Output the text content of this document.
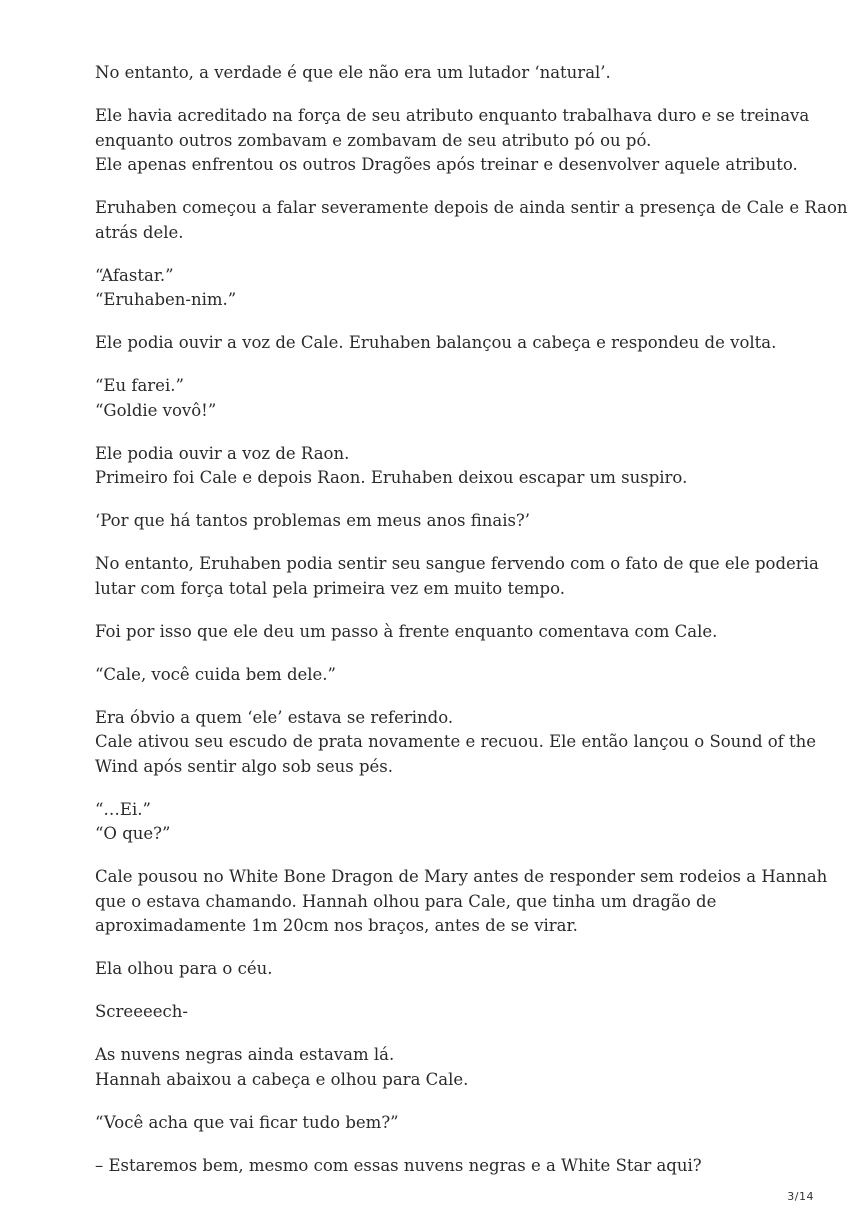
No entanto, a verdade é que ele não era um lutador ‘natural’.

Ele havia acreditado na força de seu atributo enquanto trabalhava duro e se treinava
enquanto outros zombavam e zombavam de seu atributo pó ou pó.
Ele apenas enfrentou os outros Dragões após treinar e desenvolver aquele atributo.

Eruhaben começou a falar severamente depois de ainda sentir a presença de Cale e Raon
atrás dele.

“Afastar.”
“Eruhaben-nim.”

Ele podia ouvir a voz de Cale. Eruhaben balançou a cabeça e respondeu de volta.

“Eu farei.”
“Goldie vovô!”

Ele podia ouvir a voz de Raon.
Primeiro foi Cale e depois Raon. Eruhaben deixou escapar um suspiro.

‘Por que há tantos problemas em meus anos finais?’

No entanto, Eruhaben podia sentir seu sangue fervendo com o fato de que ele poderia
lutar com força total pela primeira vez em muito tempo.

Foi por isso que ele deu um passo à frente enquanto comentava com Cale.

“Cale, você cuida bem dele.”

Era óbvio a quem ‘ele’ estava se referindo.
Cale ativou seu escudo de prata novamente e recuou. Ele então lançou o Sound of the
Wind após sentir algo sob seus pés.

“…Ei.”
“O que?”

Cale pousou no White Bone Dragon de Mary antes de responder sem rodeios a Hannah
que o estava chamando. Hannah olhou para Cale, que tinha um dragão de
aproximadamente 1m 20cm nos braços, antes de se virar.

Ela olhou para o céu.

Screeeech-

As nuvens negras ainda estavam lá.
Hannah abaixou a cabeça e olhou para Cale.

“Você acha que vai ficar tudo bem?”

– Estaremos bem, mesmo com essas nuvens negras e a White Star aqui?

3/14
